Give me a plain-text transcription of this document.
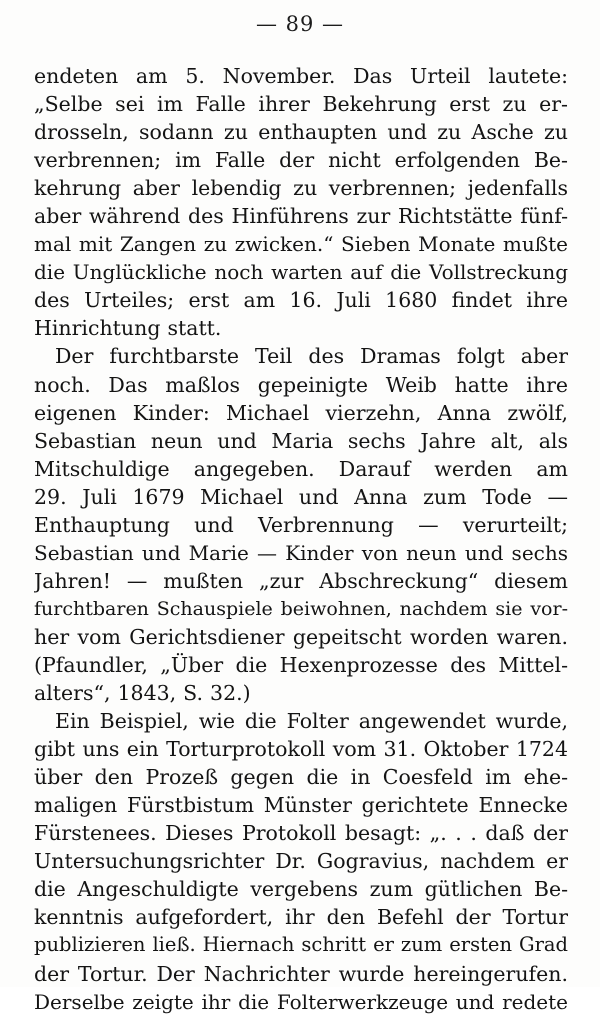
— 89 —
endeten am 5. November. Das Urteil lautete:
„Selbe sei im Falle ihrer Bekehrung erst zu er-
drosseln, sodann zu enthaupten und zu Asche zu
verbrennen; im Falle der nicht erfolgenden Be-
kehrung aber lebendig zu verbrennen; jedenfalls
aber während des Hinführens zur Richtstätte fünf-
mal mit Zangen zu zwicken.“ Sieben Monate mußte
die Unglückliche noch warten auf die Vollstreckung
des Urteiles; erst am 16. Juli 1680 findet ihre
Hinrichtung statt.
Der furchtbarste Teil des Dramas folgt aber
noch. Das maßlos gepeinigte Weib hatte ihre
eigenen Kinder: Michael vierzehn, Anna zwölf,
Sebastian neun und Maria sechs Jahre alt, als
Mitschuldige angegeben. Darauf werden am
29. Juli 1679 Michael und Anna zum Tode —
Enthauptung und Verbrennung — verurteilt;
Sebastian und Marie — Kinder von neun und sechs
Jahren! — mußten „zur Abschreckung“ diesem
furchtbaren Schauspiele beiwohnen, nachdem sie vor-
her vom Gerichtsdiener gepeitscht worden waren.
(Pfaundler, „Über die Hexenprozesse des Mittel-
alters“, 1843, S. 32.)
Ein Beispiel, wie die Folter angewendet wurde,
gibt uns ein Torturprotokoll vom 31. Oktober 1724
über den Prozeß gegen die in Coesfeld im ehe-
maligen Fürstbistum Münster gerichtete Ennecke
Fürstenees. Dieses Protokoll besagt: „. . . daß der
Untersuchungsrichter Dr. Gogravius, nachdem er
die Angeschuldigte vergebens zum gütlichen Be-
kenntnis aufgefordert, ihr den Befehl der Tortur
publizieren ließ. Hiernach schritt er zum ersten Grad
der Tortur. Der Nachrichter wurde hereingerufen.
Derselbe zeigte ihr die Folterwerkzeuge und redete
